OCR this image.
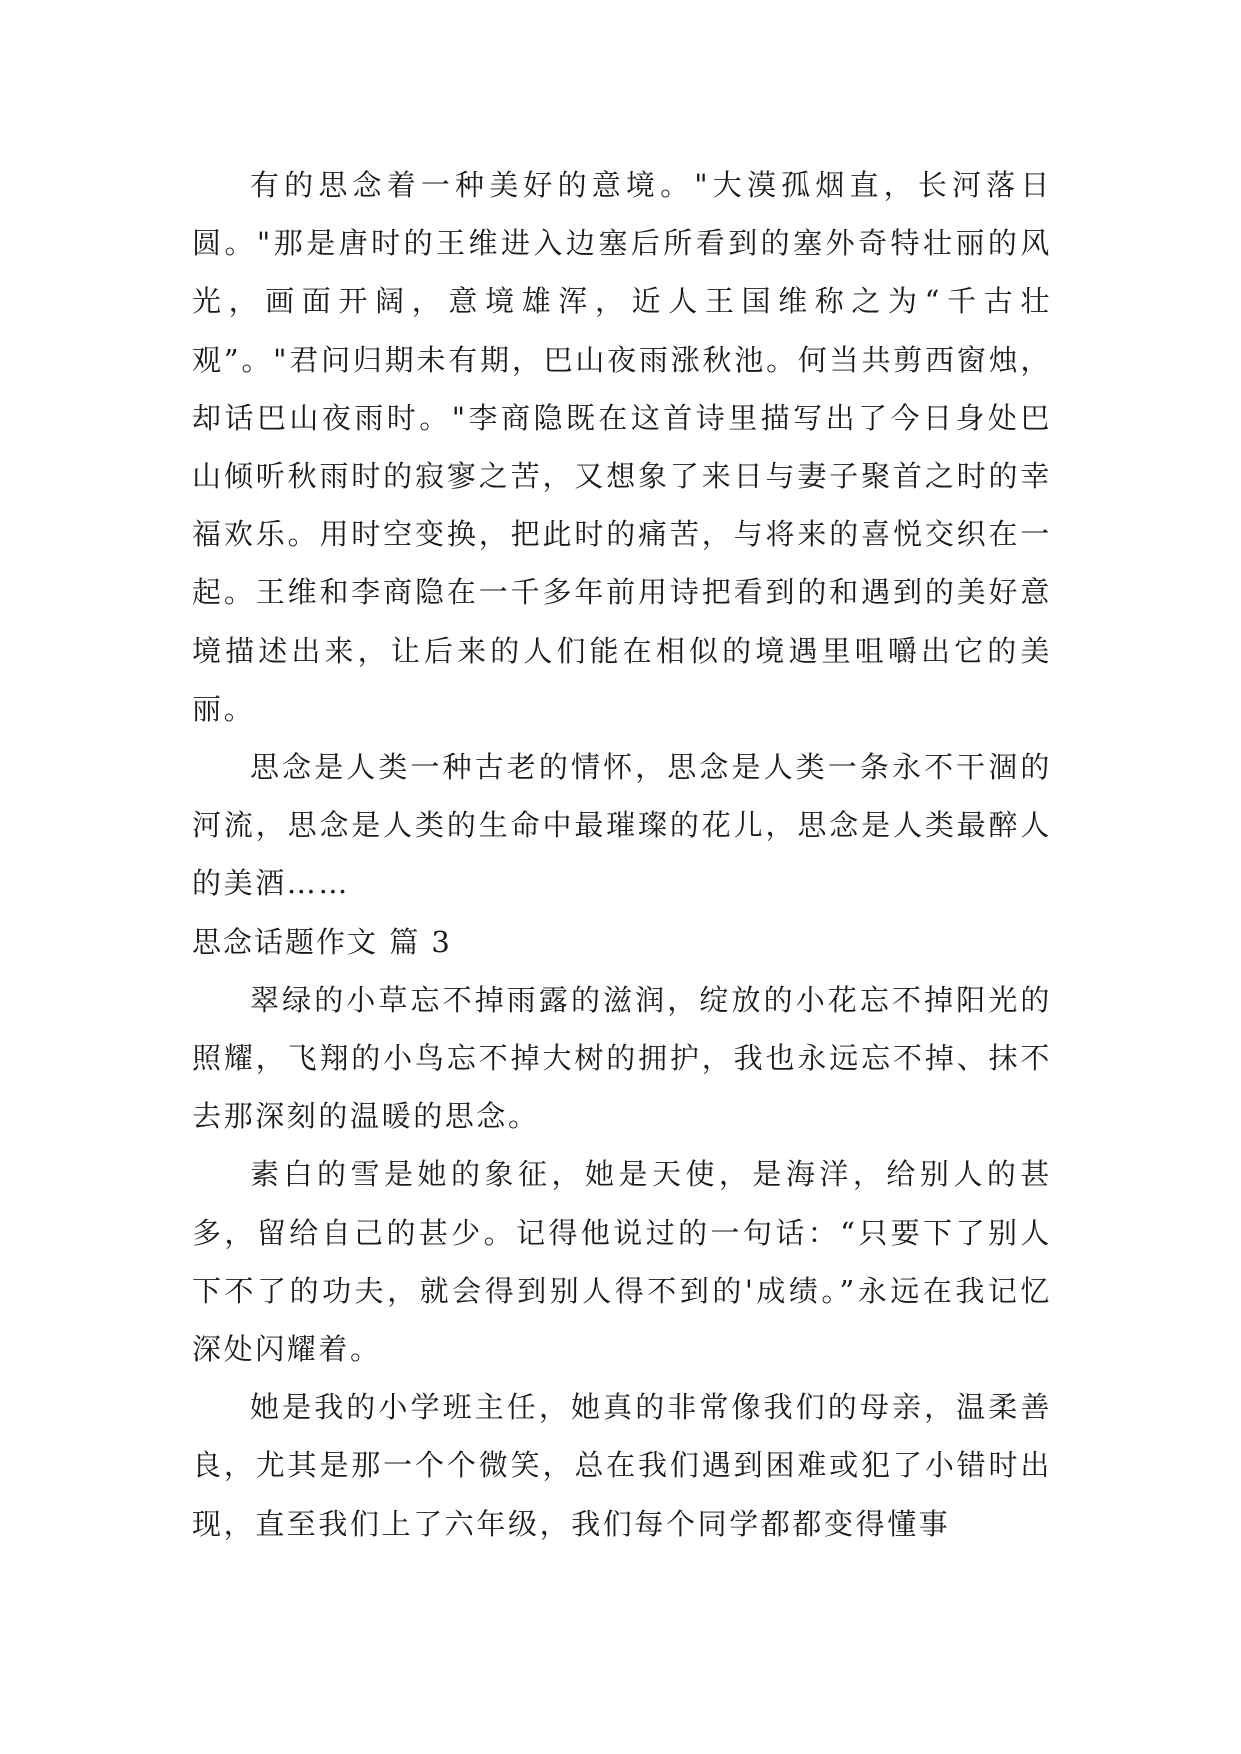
有的思念着一种美好的意境。"大漠孤烟直，长河落日圆。"那是唐时的王维进入边塞后所看到的塞外奇特壮丽的风光，画面开阔，意境雄浑，近人王国维称之为“千古壮观”。"君问归期未有期，巴山夜雨涨秋池。何当共剪西窗烛，却话巴山夜雨时。"李商隐既在这首诗里描写出了今日身处巴山倾听秋雨时的寂寥之苦，又想象了来日与妻子聚首之时的幸福欢乐。用时空变换，把此时的痛苦，与将来的喜悦交织在一起。王维和李商隐在一千多年前用诗把看到的和遇到的美好意境描述出来，让后来的人们能在相似的境遇里咀嚼出它的美丽。

思念是人类一种古老的情怀，思念是人类一条永不干涸的河流，思念是人类的生命中最璀璨的花儿，思念是人类最醉人的美酒……

思念话题作文 篇 3

翠绿的小草忘不掉雨露的滋润，绽放的小花忘不掉阳光的照耀，飞翔的小鸟忘不掉大树的拥护，我也永远忘不掉、抹不去那深刻的温暖的思念。

素白的雪是她的象征，她是天使，是海洋，给别人的甚多，留给自己的甚少。记得他说过的一句话：“只要下了别人下不了的功夫，就会得到别人得不到的'成绩。”永远在我记忆深处闪耀着。

她是我的小学班主任，她真的非常像我们的母亲，温柔善良，尤其是那一个个微笑，总在我们遇到困难或犯了小错时出现，直至我们上了六年级，我们每个同学都都变得懂事
